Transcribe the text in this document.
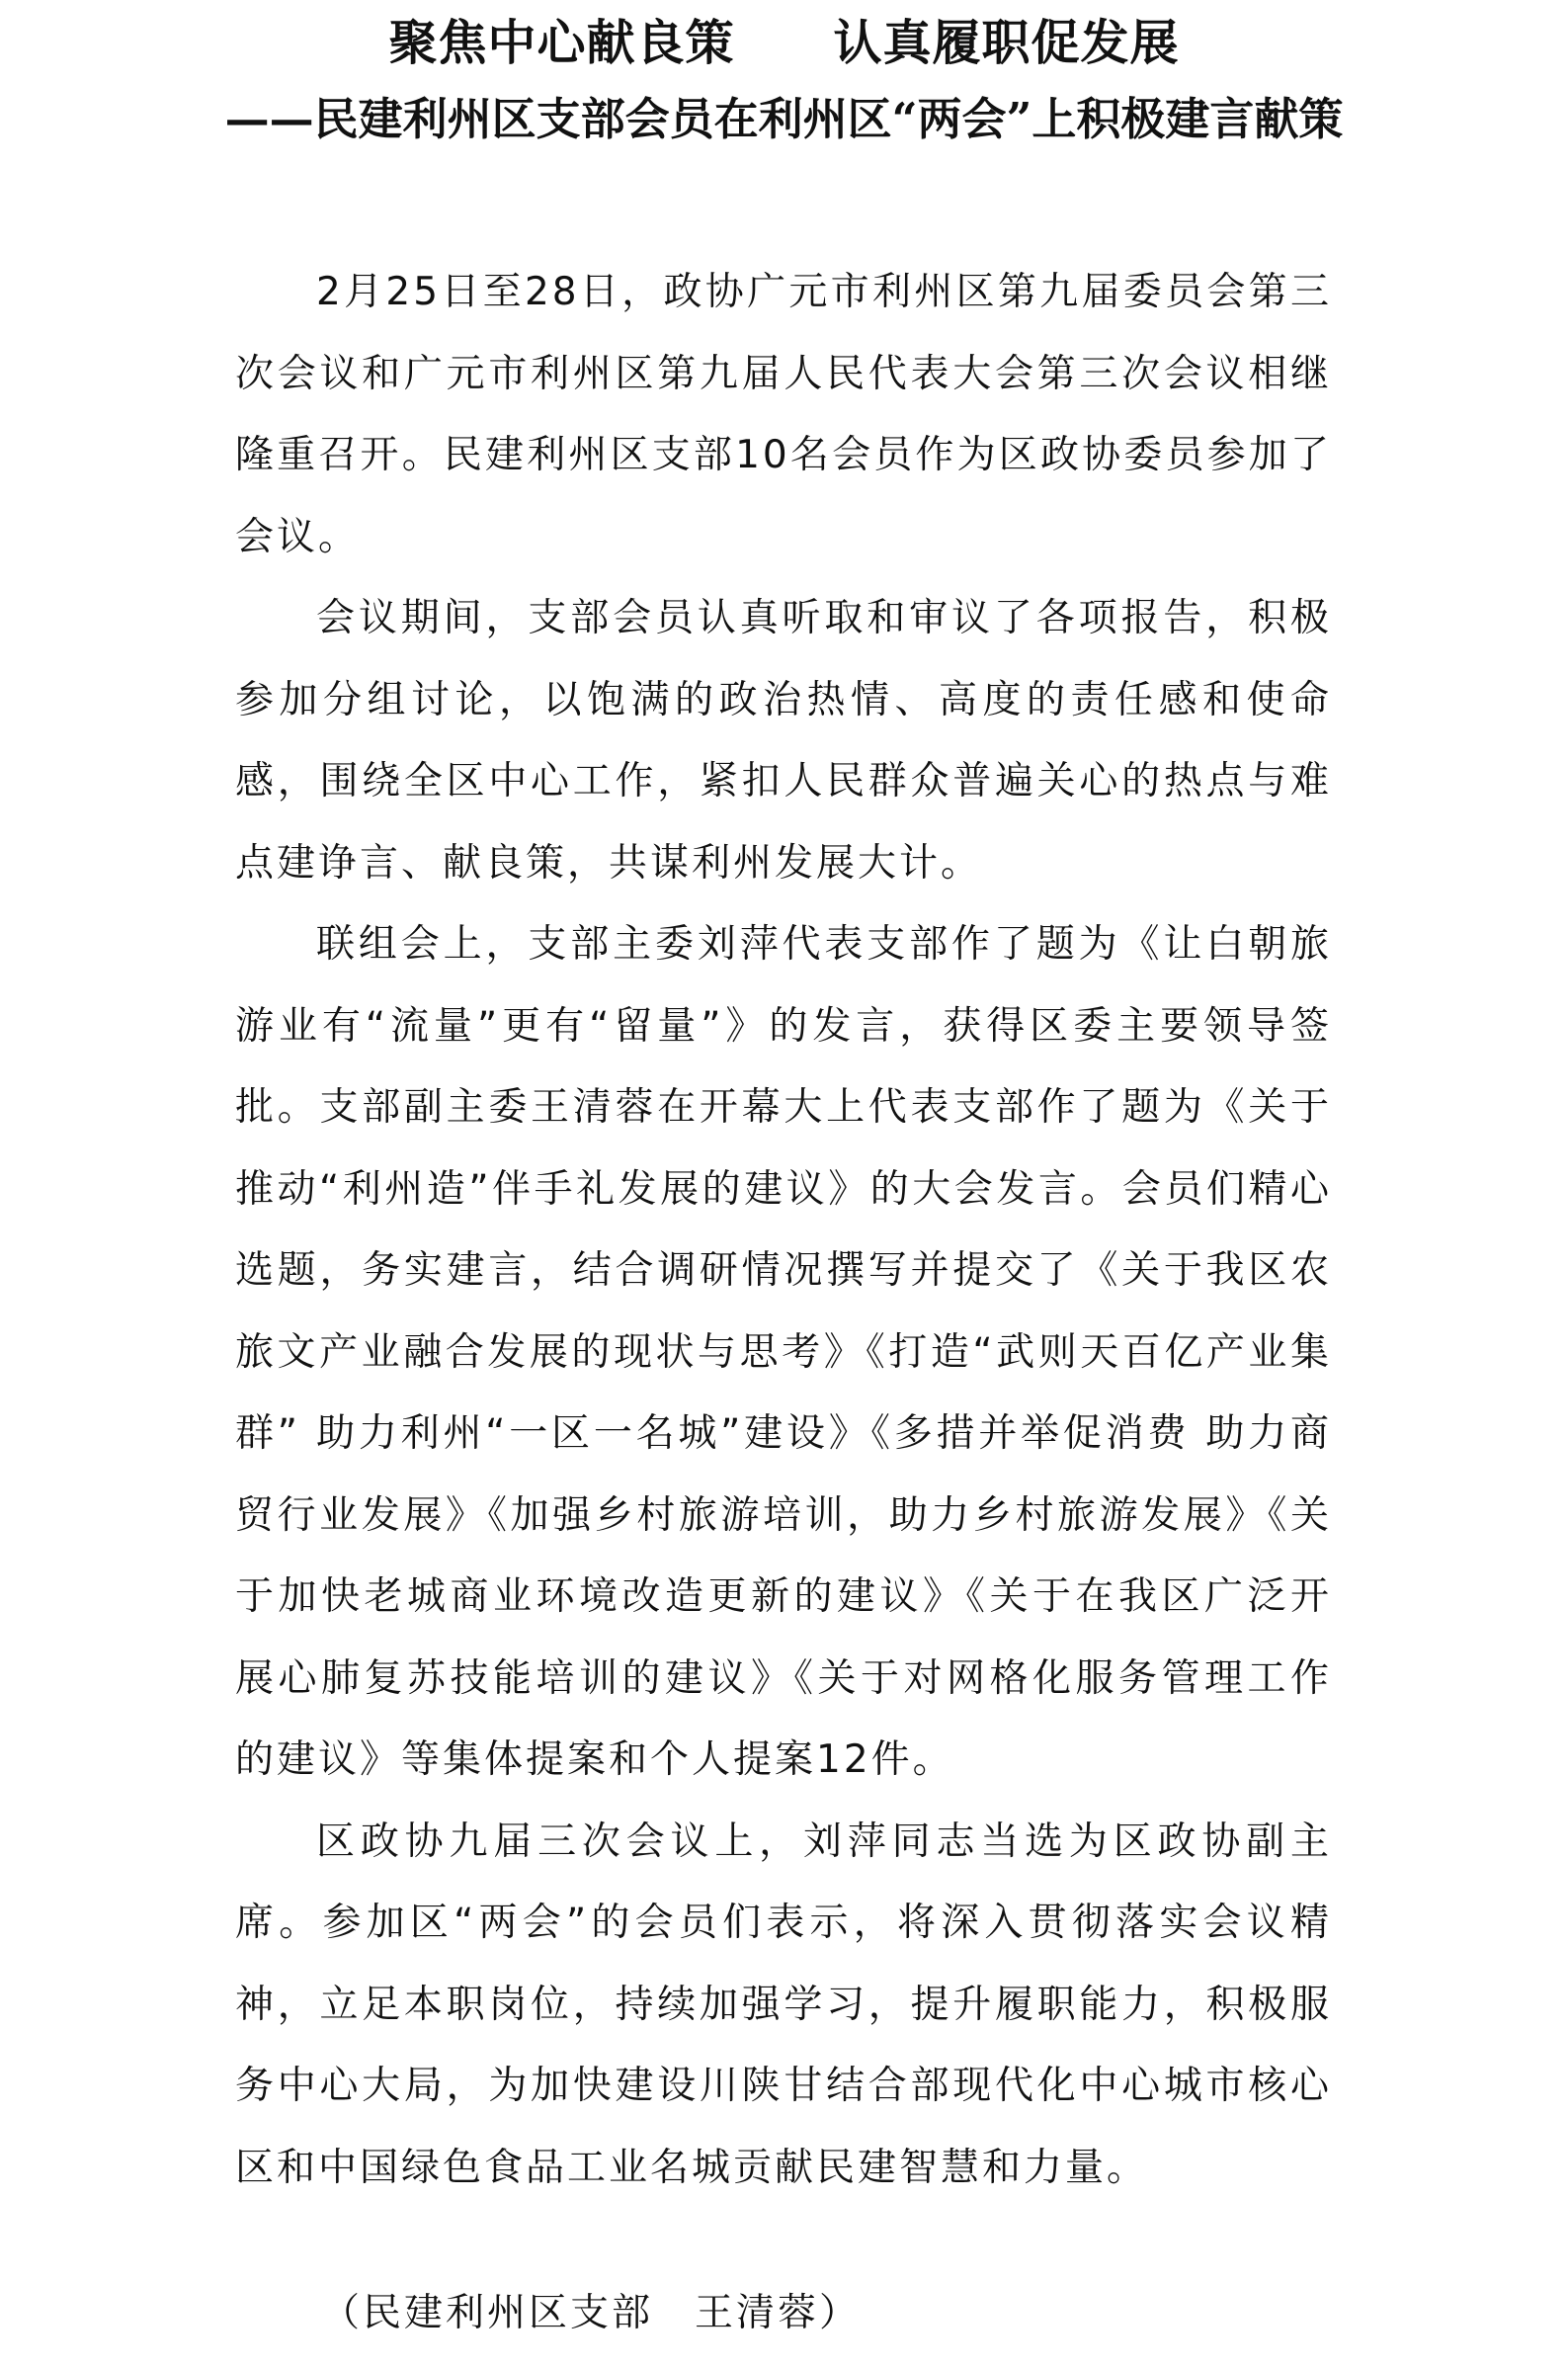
聚焦中心献良策　　认真履职促发展
——民建利州区支部会员在利州区“两会”上积极建言献策

2月25日至28日，政协广元市利州区第九届委员会第三次会议和广元市利州区第九届人民代表大会第三次会议相继隆重召开。民建利州区支部10名会员作为区政协委员参加了会议。

会议期间，支部会员认真听取和审议了各项报告，积极参加分组讨论，以饱满的政治热情、高度的责任感和使命感，围绕全区中心工作，紧扣人民群众普遍关心的热点与难点建诤言、献良策，共谋利州发展大计。

联组会上，支部主委刘萍代表支部作了题为《让白朝旅游业有“流量”更有“留量”》的发言，获得区委主要领导签批。支部副主委王清蓉在开幕大上代表支部作了题为《关于推动“利州造”伴手礼发展的建议》的大会发言。会员们精心选题，务实建言，结合调研情况撰写并提交了《关于我区农旅文产业融合发展的现状与思考》《打造“武则天百亿产业集群” 助力利州“一区一名城”建设》《多措并举促消费 助力商贸行业发展》《加强乡村旅游培训，助力乡村旅游发展》《关于加快老城商业环境改造更新的建议》《关于在我区广泛开展心肺复苏技能培训的建议》《关于对网格化服务管理工作的建议》等集体提案和个人提案12件。

区政协九届三次会议上，刘萍同志当选为区政协副主席。参加区“两会”的会员们表示，将深入贯彻落实会议精神，立足本职岗位，持续加强学习，提升履职能力，积极服务中心大局，为加快建设川陕甘结合部现代化中心城市核心区和中国绿色食品工业名城贡献民建智慧和力量。

（民建利州区支部　王清蓉）
